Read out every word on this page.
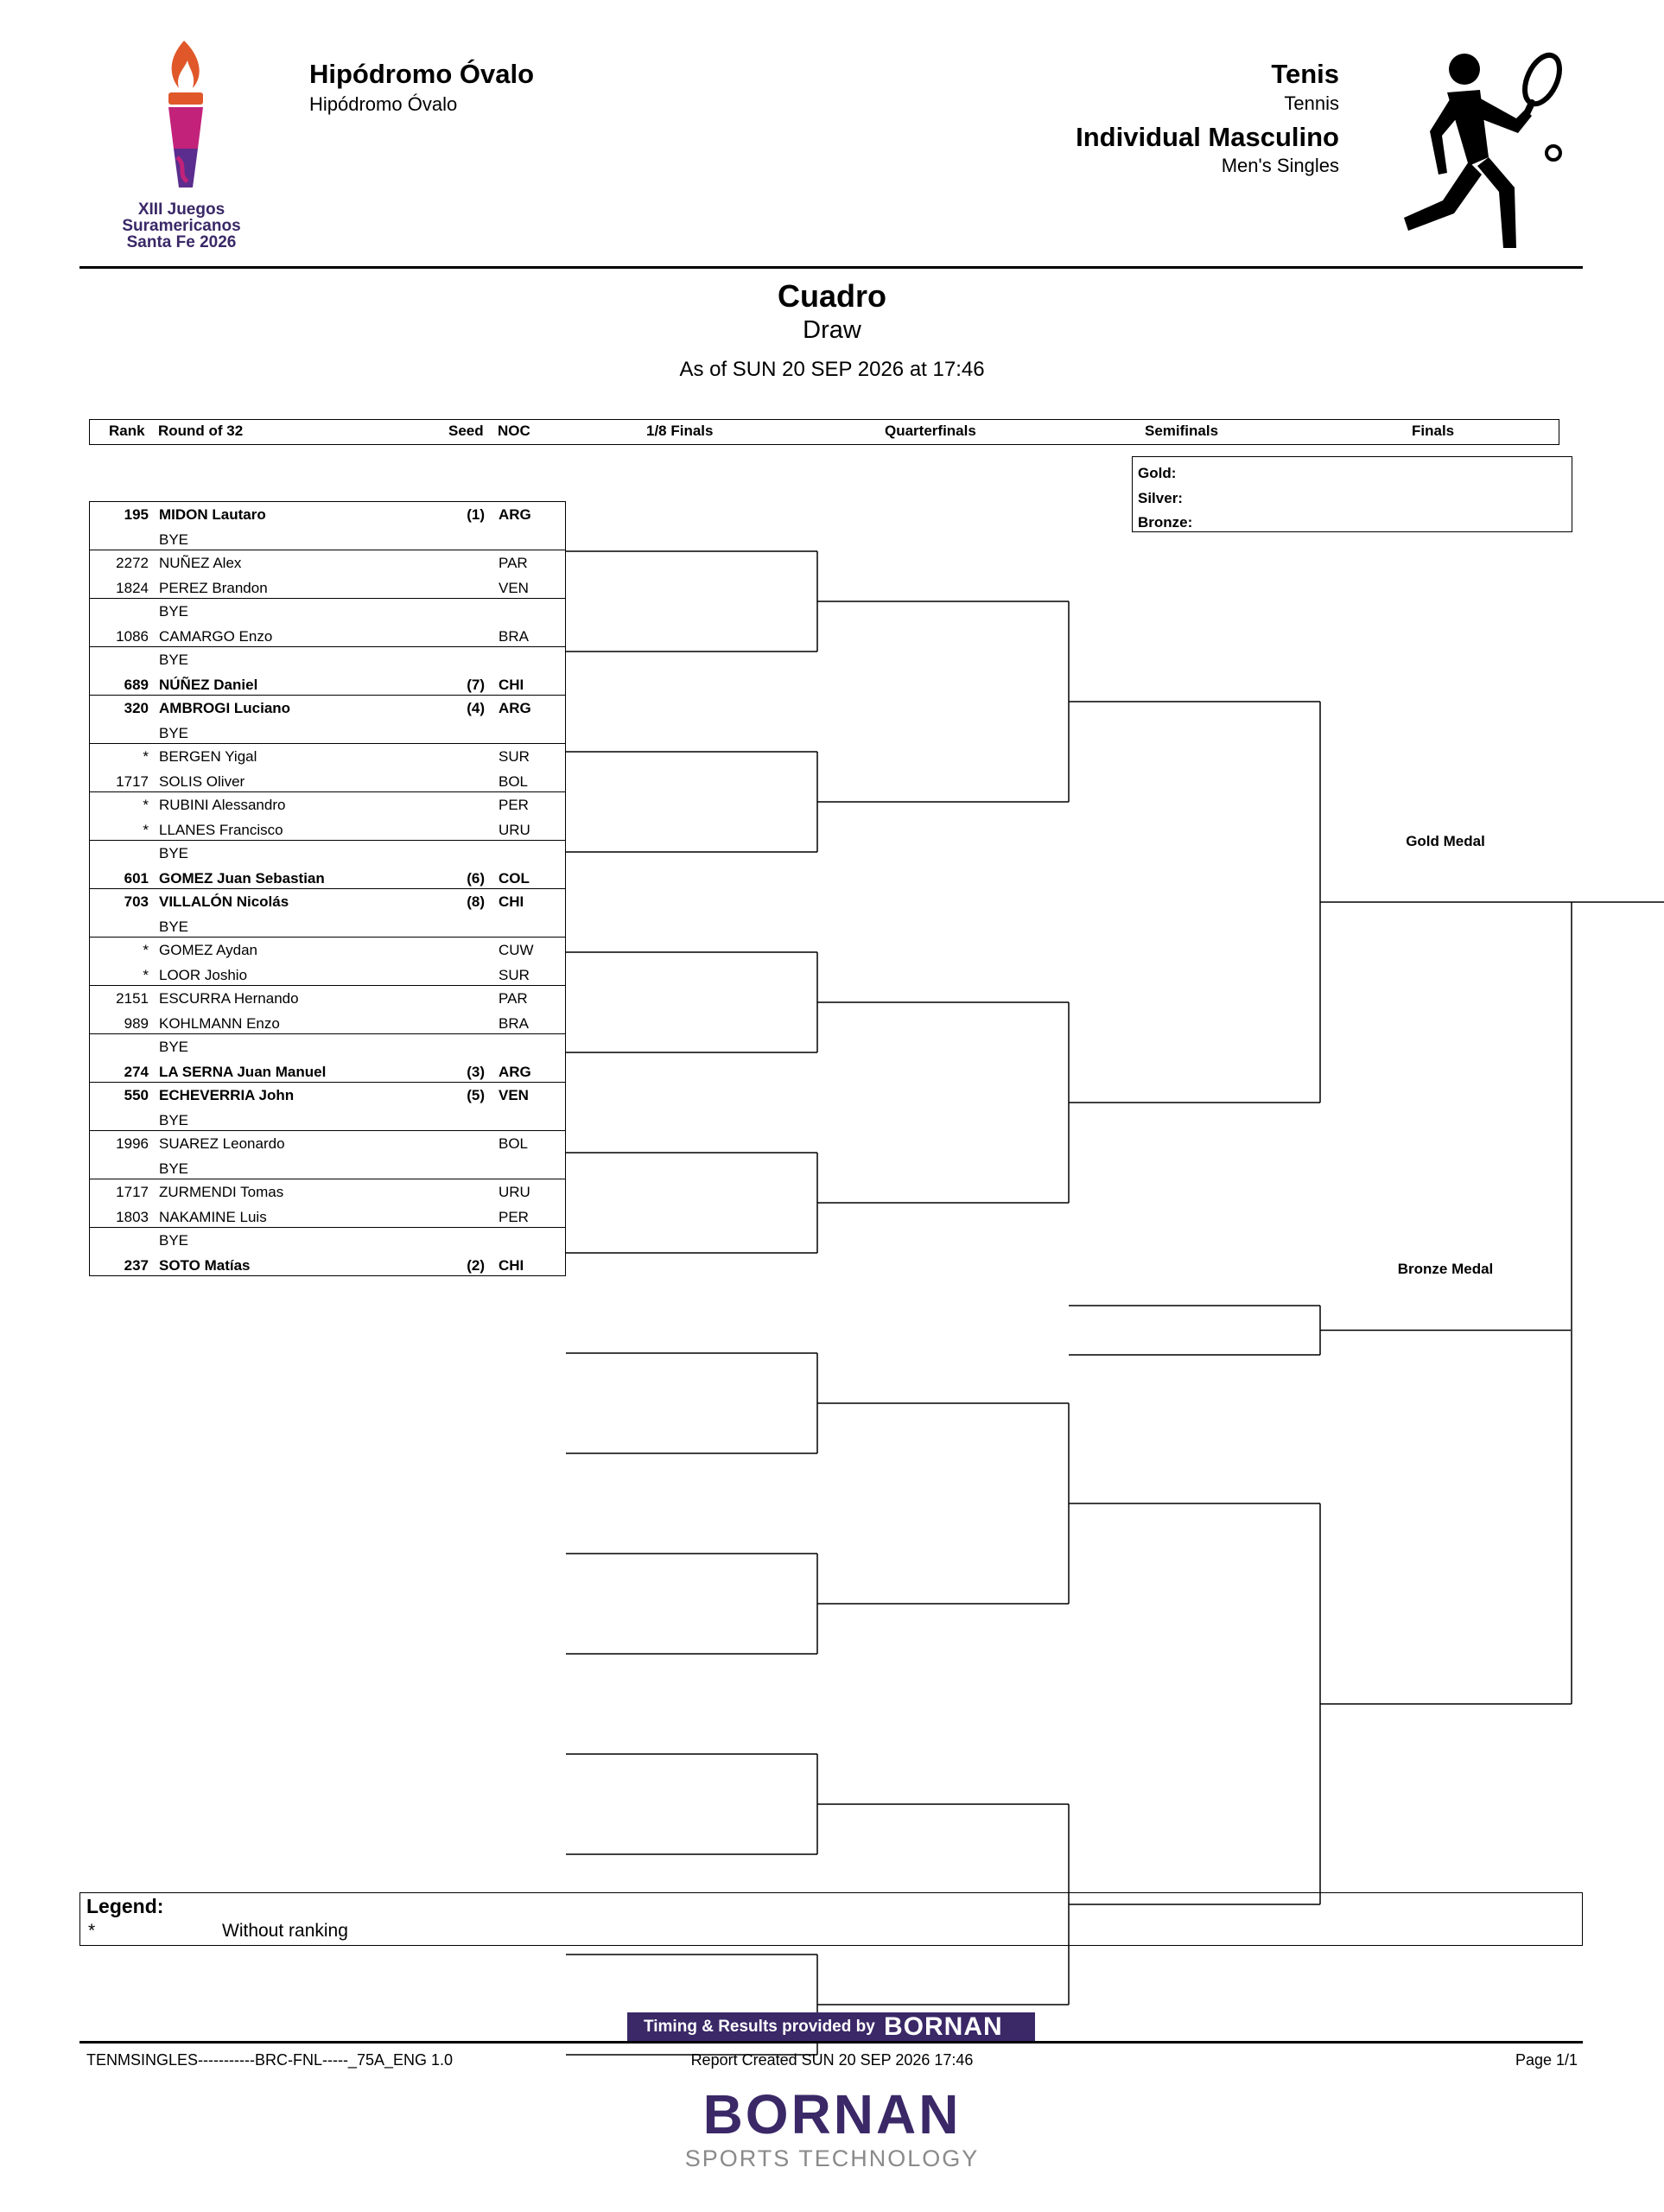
XIII Juegos
Suramericanos
Santa Fe 2026
Hipódromo Óvalo
Hipódromo Óvalo
Tenis
Tennis
Individual Masculino
Men's Singles
Cuadro
Draw
As of SUN 20 SEP 2026 at 17:46
Rank Round of 32	Seed NOC	1/8 Finals	Quarterfinals	Semifinals	Finals
Gold:
Silver:
Bronze:
195 MIDON Lautaro	(1) ARG
BYE
2272 NUÑEZ Alex	PAR
1824 PEREZ Brandon	VEN
BYE
1086 CAMARGO Enzo	BRA
BYE
689 NÚÑEZ Daniel	(7) CHI
320 AMBROGI Luciano	(4) ARG
BYE
* BERGEN Yigal	SUR
1717 SOLIS Oliver	BOL
* RUBINI Alessandro	PER
* LLANES Francisco	URU
BYE
601 GOMEZ Juan Sebastian	(6) COL
703 VILLALÓN Nicolás	(8) CHI
BYE
* GOMEZ Aydan	CUW
* LOOR Joshio	SUR
2151 ESCURRA Hernando	PAR
989 KOHLMANN Enzo	BRA
BYE
274 LA SERNA Juan Manuel	(3) ARG
550 ECHEVERRIA John	(5) VEN
BYE
1996 SUAREZ Leonardo	BOL
BYE
1717 ZURMENDI Tomas	URU
1803 NAKAMINE Luis	PER
BYE
237 SOTO Matías	(2) CHI
Gold Medal
Bronze Medal
Legend:
*	Without ranking
Timing & Results provided by BORNAN
TENMSINGLES-----------BRC-FNL-----_75A_ENG 1.0	Report Created SUN 20 SEP 2026 17:46	Page 1/1
BORNAN
SPORTS TECHNOLOGY
